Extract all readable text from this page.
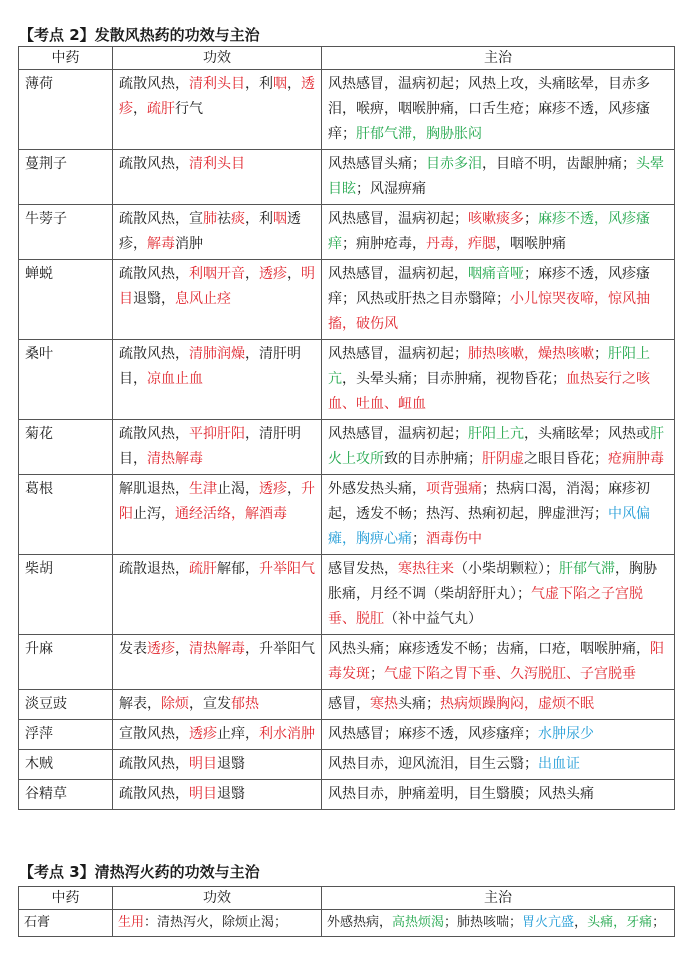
【考点 2】发散风热药的功效与主治
中药	功效	主治
薄荷	疏散风热，清利头目，利咽，透疹，疏肝行气	风热感冒，温病初起；风热上攻，头痛眩晕，目赤多泪，喉痹，咽喉肿痛，口舌生疮；麻疹不透，风疹瘙痒；肝郁气滞，胸胁胀闷
蔓荆子	疏散风热，清利头目	风热感冒头痛；目赤多泪，目暗不明，齿龈肿痛；头晕目眩；风湿痹痛
牛蒡子	疏散风热，宣肺祛痰，利咽透疹，解毒消肿	风热感冒，温病初起；咳嗽痰多；麻疹不透，风疹瘙痒；痈肿疮毒，丹毒，痄腮，咽喉肿痛
蝉蜕	疏散风热，利咽开音，透疹，明目退翳，息风止痉	风热感冒，温病初起，咽痛音哑；麻疹不透，风疹瘙痒；风热或肝热之目赤翳障；小儿惊哭夜啼，惊风抽搐，破伤风
桑叶	疏散风热，清肺润燥，清肝明目，凉血止血	风热感冒，温病初起；肺热咳嗽，燥热咳嗽；肝阳上亢，头晕头痛；目赤肿痛，视物昏花；血热妄行之咳血、吐血、衄血
菊花	疏散风热，平抑肝阳，清肝明目，清热解毒	风热感冒，温病初起；肝阳上亢，头痛眩晕；风热或肝火上攻所致的目赤肿痛；肝阴虚之眼目昏花；疮痈肿毒
葛根	解肌退热，生津止渴，透疹，升阳止泻，通经活络，解酒毒	外感发热头痛，项背强痛；热病口渴，消渴；麻疹初起，透发不畅；热泻、热痢初起，脾虚泄泻；中风偏瘫，胸痹心痛；酒毒伤中
柴胡	疏散退热，疏肝解郁，升举阳气	感冒发热，寒热往来（小柴胡颗粒）；肝郁气滞，胸胁胀痛，月经不调（柴胡舒肝丸）；气虚下陷之子宫脱垂、脱肛（补中益气丸）
升麻	发表透疹，清热解毒，升举阳气	风热头痛；麻疹透发不畅；齿痛，口疮，咽喉肿痛，阳毒发斑；气虚下陷之胃下垂、久泻脱肛、子宫脱垂
淡豆豉	解表，除烦，宣发郁热	感冒，寒热头痛；热病烦躁胸闷，虚烦不眠
浮萍	宣散风热，透疹止痒，利水消肿	风热感冒；麻疹不透，风疹瘙痒；水肿尿少
木贼	疏散风热，明目退翳	风热目赤，迎风流泪，目生云翳；出血证
谷精草	疏散风热，明目退翳	风热目赤，肿痛羞明，目生翳膜；风热头痛
【考点 3】清热泻火药的功效与主治
中药	功效	主治
石膏	生用：清热泻火，除烦止渴；	外感热病，高热烦渴；肺热咳喘；胃火亢盛，头痛，牙痛；
